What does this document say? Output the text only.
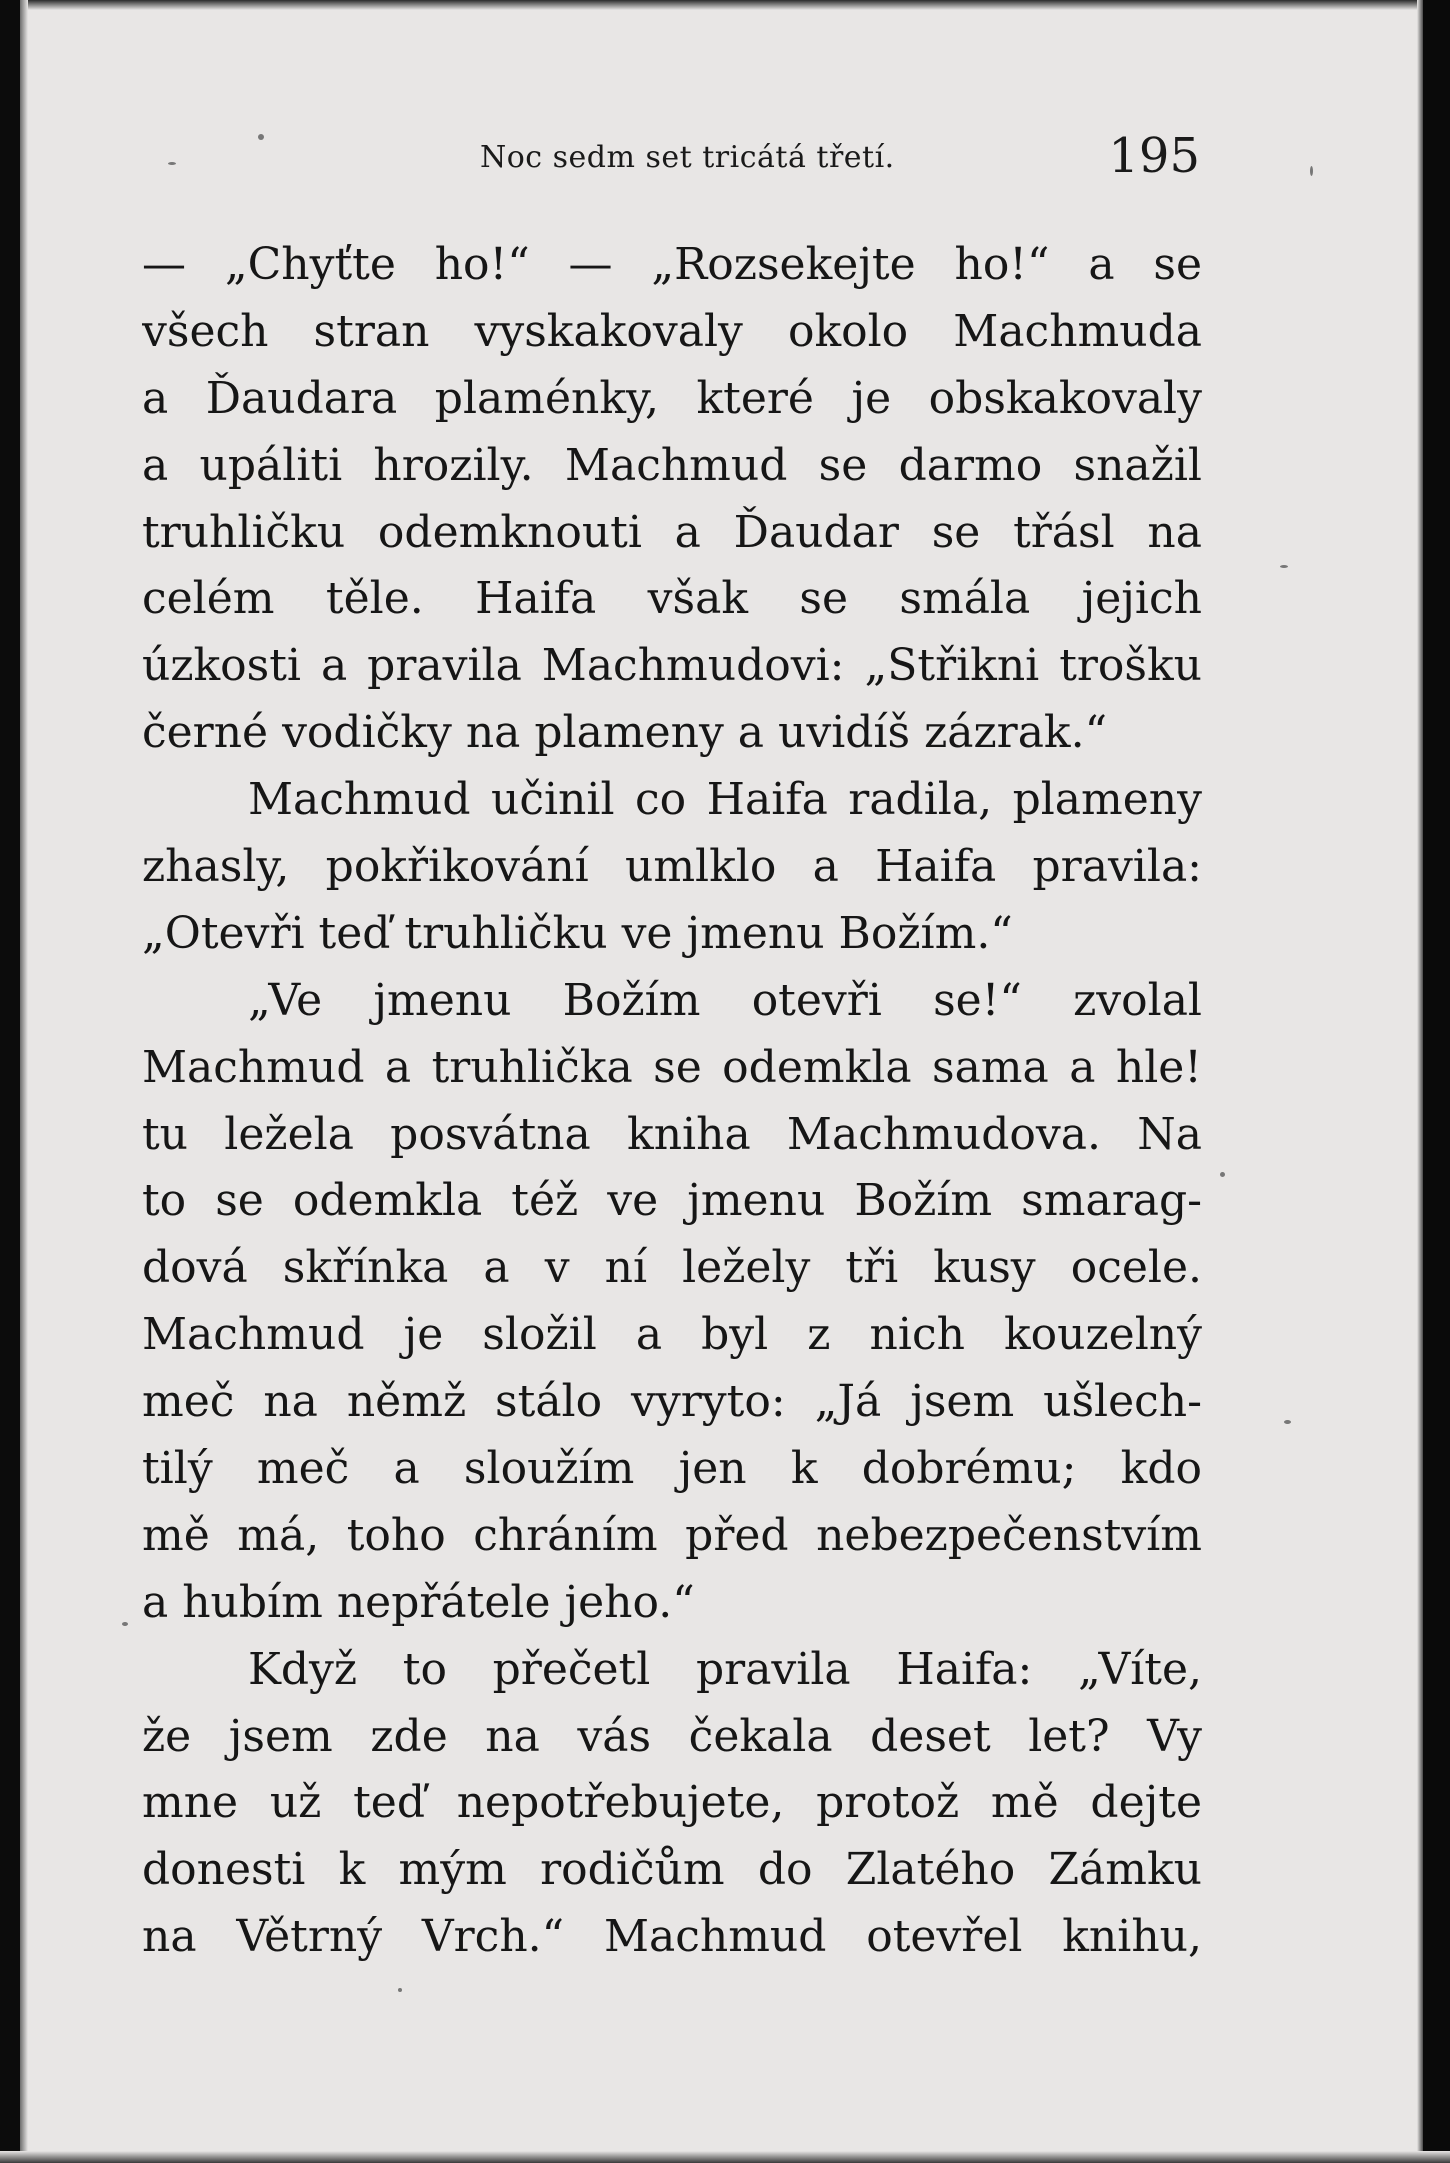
Noc sedm set tricátá třetí.	195
— „Chyťte ho!“ — „Rozsekejte ho!“ a se
všech stran vyskakovaly okolo Machmuda
a Ďaudara plaménky, které je obskakovaly
a upáliti hrozily. Machmud se darmo snažil
truhličku odemknouti a Ďaudar se třásl na
celém těle. Haifa však se smála jejich
úzkosti a pravila Machmudovi: „Střikni trošku
černé vodičky na plameny a uvidíš zázrak.“
Machmud učinil co Haifa radila, plameny
zhasly, pokřikování umlklo a Haifa pravila:
„Otevři teď truhličku ve jmenu Božím.“
„Ve jmenu Božím otevři se!“ zvolal
Machmud a truhlička se odemkla sama a hle!
tu ležela posvátna kniha Machmudova. Na
to se odemkla též ve jmenu Božím smarag-
dová skřínka a v ní ležely tři kusy ocele.
Machmud je složil a byl z nich kouzelný
meč na němž stálo vyryto: „Já jsem ušlech-
tilý meč a sloužím jen k dobrému; kdo
mě má, toho chráním před nebezpečenstvím
a hubím nepřátele jeho.“
Když to přečetl pravila Haifa: „Víte,
že jsem zde na vás čekala deset let? Vy
mne už teď nepotřebujete, protož mě dejte
donesti k mým rodičům do Zlatého Zámku
na Větrný Vrch.“ Machmud otevřel knihu,
